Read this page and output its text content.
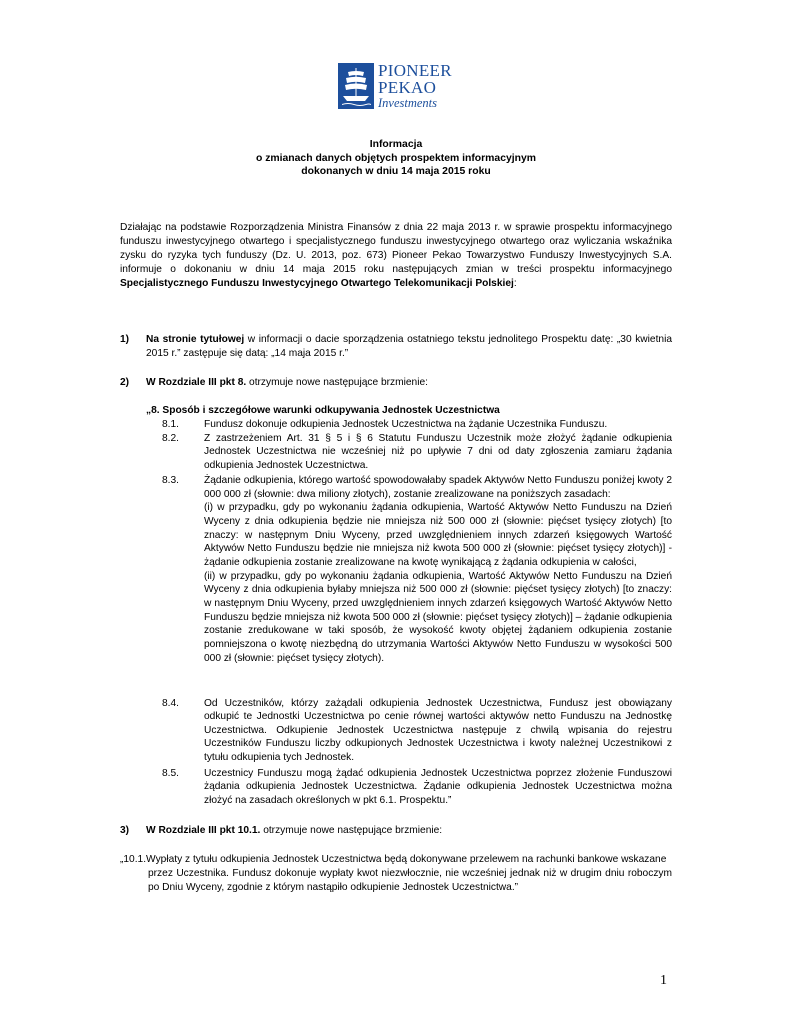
PIONEER
PEKAO
Investments
Informacja
o zmianach danych objętych prospektem informacyjnym
dokonanych w dniu 14 maja 2015 roku
Działając na podstawie Rozporządzenia Ministra Finansów z dnia 22 maja 2013 r. w sprawie prospektu informacyjnego funduszu inwestycyjnego otwartego i specjalistycznego funduszu inwestycyjnego otwartego oraz wyliczania wskaźnika zysku do ryzyka tych funduszy (Dz. U. 2013, poz. 673) Pioneer Pekao Towarzystwo Funduszy Inwestycyjnych S.A. informuje o dokonaniu w dniu 14 maja 2015 roku następujących zmian w treści prospektu informacyjnego Specjalistycznego Funduszu Inwestycyjnego Otwartego Telekomunikacji Polskiej:
1) Na stronie tytułowej w informacji o dacie sporządzenia ostatniego tekstu jednolitego Prospektu datę: „30 kwietnia 2015 r.” zastępuje się datą: „14 maja 2015 r.”
2) W Rozdziale III pkt 8. otrzymuje nowe następujące brzmienie:
„8. Sposób i szczegółowe warunki odkupywania Jednostek Uczestnictwa
8.1. Fundusz dokonuje odkupienia Jednostek Uczestnictwa na żądanie Uczestnika Funduszu.
8.2. Z zastrzeżeniem Art. 31 § 5 i § 6 Statutu Funduszu Uczestnik może złożyć żądanie odkupienia Jednostek Uczestnictwa nie wcześniej niż po upływie 7 dni od daty zgłoszenia zamiaru żądania odkupienia Jednostek Uczestnictwa.
8.3. Żądanie odkupienia, którego wartość spowodowałaby spadek Aktywów Netto Funduszu poniżej kwoty 2 000 000 zł (słownie: dwa miliony złotych), zostanie zrealizowane na poniższych zasadach:
(i) w przypadku, gdy po wykonaniu żądania odkupienia, Wartość Aktywów Netto Funduszu na Dzień Wyceny z dnia odkupienia będzie nie mniejsza niż 500 000 zł (słownie: pięćset tysięcy złotych) [to znaczy: w następnym Dniu Wyceny, przed uwzględnieniem innych zdarzeń księgowych Wartość Aktywów Netto Funduszu będzie nie mniejsza niż kwota 500 000 zł (słownie: pięćset tysięcy złotych)] - żądanie odkupienia zostanie zrealizowane na kwotę wynikającą z żądania odkupienia w całości,
(ii) w przypadku, gdy po wykonaniu żądania odkupienia, Wartość Aktywów Netto Funduszu na Dzień Wyceny z dnia odkupienia byłaby mniejsza niż 500 000 zł (słownie: pięćset tysięcy złotych) [to znaczy: w następnym Dniu Wyceny, przed uwzględnieniem innych zdarzeń księgowych Wartość Aktywów Netto Funduszu będzie mniejsza niż kwota 500 000 zł (słownie: pięćset tysięcy złotych)] – żądanie odkupienia zostanie zredukowane w taki sposób, że wysokość kwoty objętej żądaniem odkupienia zostanie pomniejszona o kwotę niezbędną do utrzymania Wartości Aktywów Netto Funduszu w wysokości 500 000 zł (słownie: pięćset tysięcy złotych).
8.4. Od Uczestników, którzy zażądali odkupienia Jednostek Uczestnictwa, Fundusz jest obowiązany odkupić te Jednostki Uczestnictwa po cenie równej wartości aktywów netto Funduszu na Jednostkę Uczestnictwa. Odkupienie Jednostek Uczestnictwa następuje z chwilą wpisania do rejestru Uczestników Funduszu liczby odkupionych Jednostek Uczestnictwa i kwoty należnej Uczestnikowi z tytułu odkupienia tych Jednostek.
8.5. Uczestnicy Funduszu mogą żądać odkupienia Jednostek Uczestnictwa poprzez złożenie Funduszowi żądania odkupienia Jednostek Uczestnictwa. Żądanie odkupienia Jednostek Uczestnictwa można złożyć na zasadach określonych w pkt 6.1. Prospektu.”
3) W Rozdziale III pkt 10.1. otrzymuje nowe następujące brzmienie:
„10.1.Wypłaty z tytułu odkupienia Jednostek Uczestnictwa będą dokonywane przelewem na rachunki bankowe wskazane
przez Uczestnika. Fundusz dokonuje wypłaty kwot niezwłocznie, nie wcześniej jednak niż w drugim dniu roboczym po Dniu Wyceny, zgodnie z którym nastąpiło odkupienie Jednostek Uczestnictwa.”
1
